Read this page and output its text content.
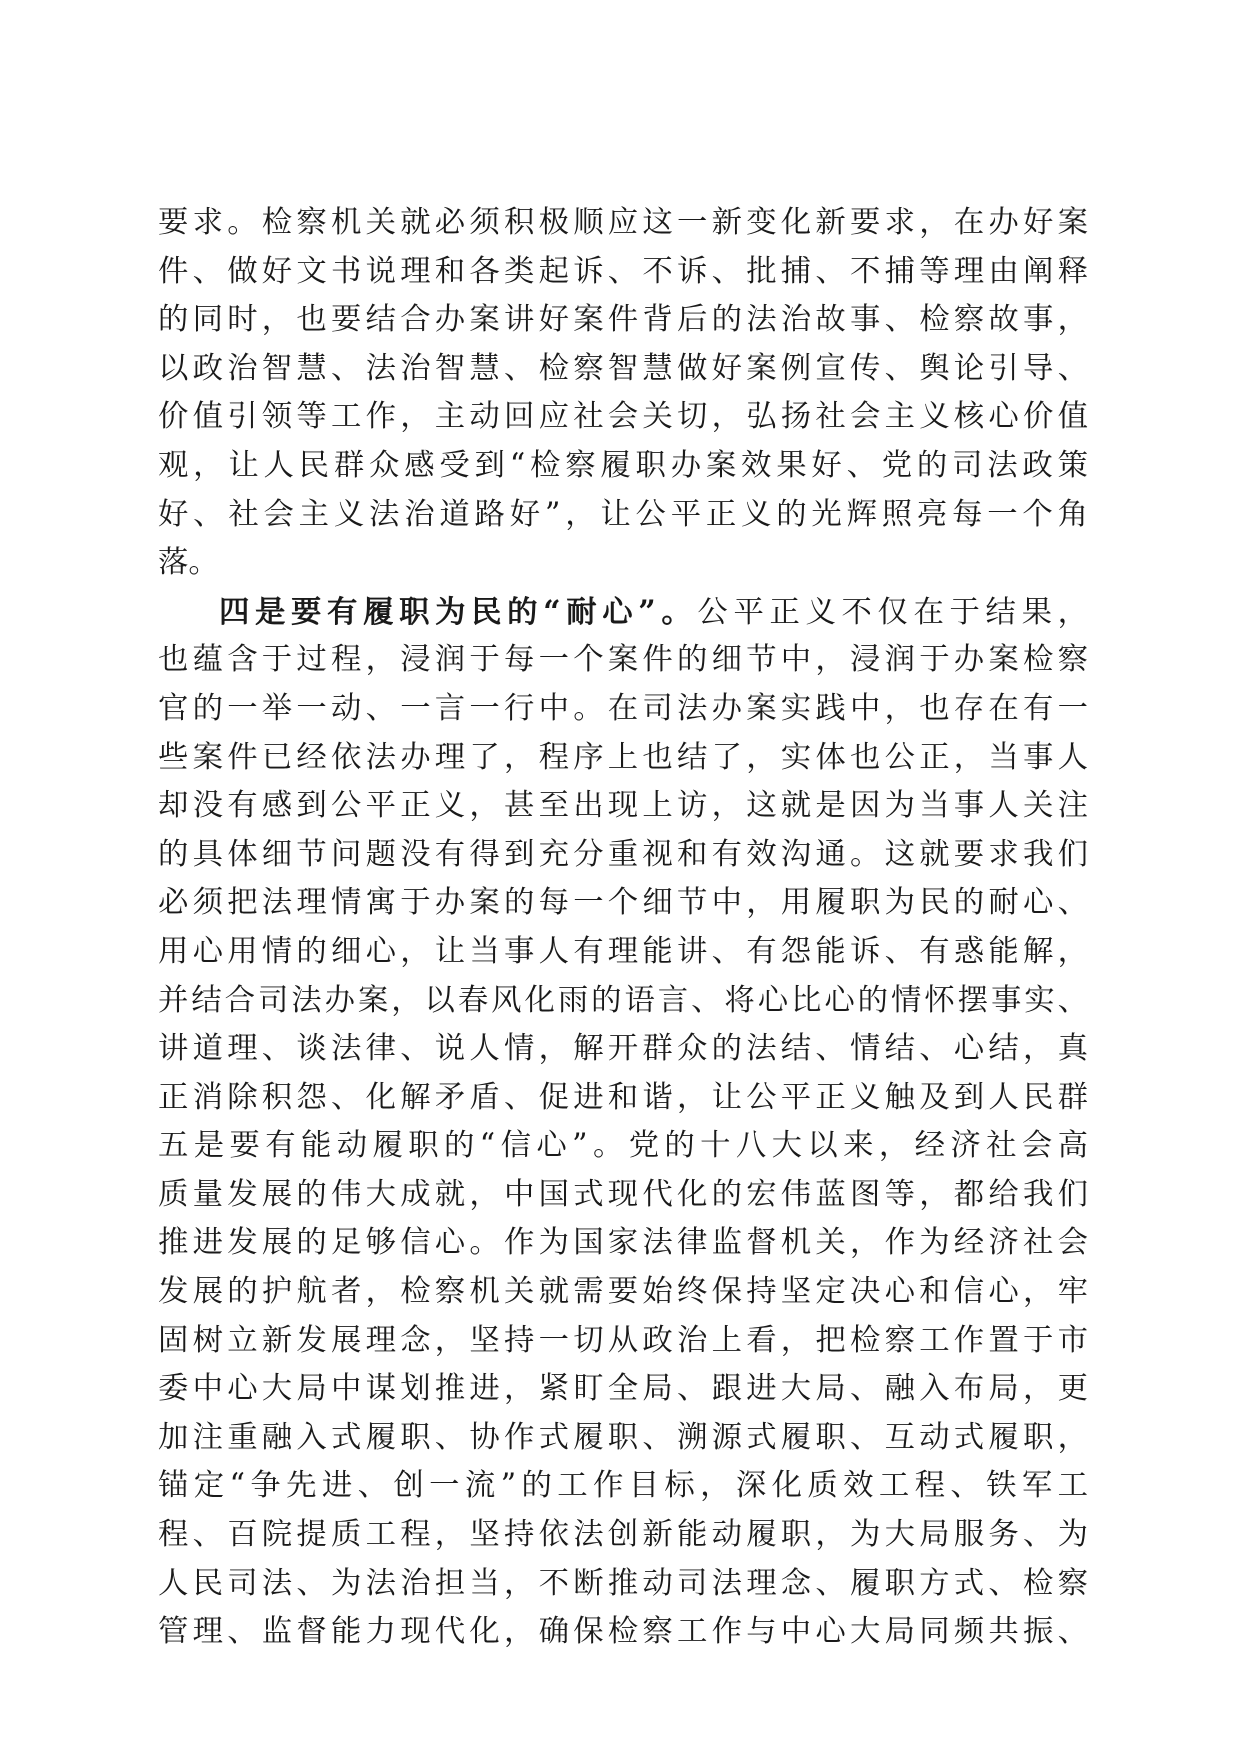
要求。检察机关就必须积极顺应这一新变化新要求，在办好案
件、做好文书说理和各类起诉、不诉、批捕、不捕等理由阐释
的同时，也要结合办案讲好案件背后的法治故事、检察故事，
以政治智慧、法治智慧、检察智慧做好案例宣传、舆论引导、
价值引领等工作，主动回应社会关切，弘扬社会主义核心价值
观，让人民群众感受到“检察履职办案效果好、党的司法政策
好、社会主义法治道路好”，让公平正义的光辉照亮每一个角
落。
四是要有履职为民的“耐心”。公平正义不仅在于结果，
也蕴含于过程，浸润于每一个案件的细节中，浸润于办案检察
官的一举一动、一言一行中。在司法办案实践中，也存在有一
些案件已经依法办理了，程序上也结了，实体也公正，当事人
却没有感到公平正义，甚至出现上访，这就是因为当事人关注
的具体细节问题没有得到充分重视和有效沟通。这就要求我们
必须把法理情寓于办案的每一个细节中，用履职为民的耐心、
用心用情的细心，让当事人有理能讲、有怨能诉、有惑能解，
并结合司法办案，以春风化雨的语言、将心比心的情怀摆事实、
讲道理、谈法律、说人情，解开群众的法结、情结、心结，真
正消除积怨、化解矛盾、促进和谐，让公平正义触及到人民群
五是要有能动履职的“信心”。党的十八大以来，经济社会高
质量发展的伟大成就，中国式现代化的宏伟蓝图等，都给我们
推进发展的足够信心。作为国家法律监督机关，作为经济社会
发展的护航者，检察机关就需要始终保持坚定决心和信心，牢
固树立新发展理念，坚持一切从政治上看，把检察工作置于市
委中心大局中谋划推进，紧盯全局、跟进大局、融入布局，更
加注重融入式履职、协作式履职、溯源式履职、互动式履职，
锚定“争先进、创一流”的工作目标，深化质效工程、铁军工
程、百院提质工程，坚持依法创新能动履职，为大局服务、为
人民司法、为法治担当，不断推动司法理念、履职方式、检察
管理、监督能力现代化，确保检察工作与中心大局同频共振、
